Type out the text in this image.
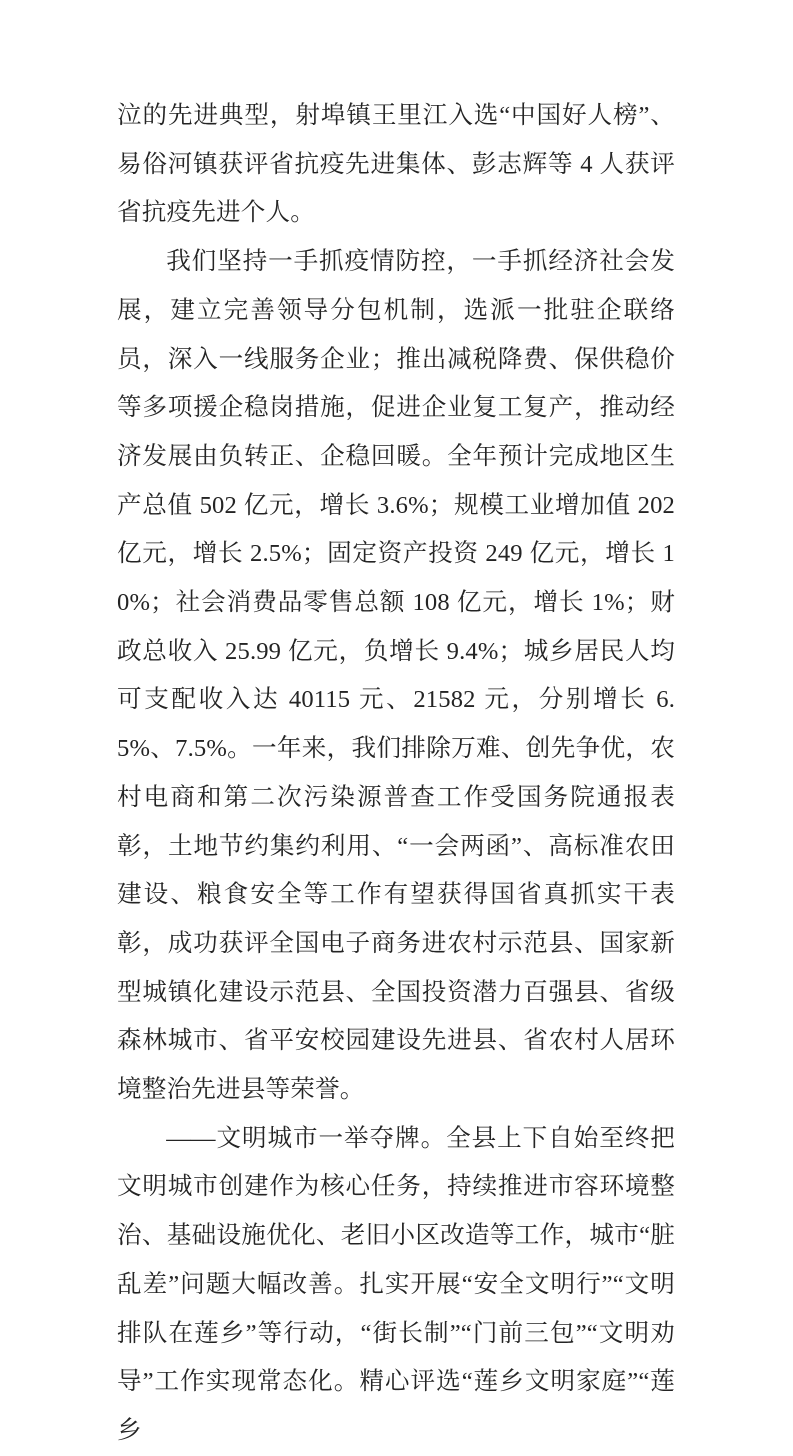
泣的先进典型，射埠镇王里江入选“中国好人榜”、易俗河镇获评省抗疫先进集体、彭志辉等 4 人获评省抗疫先进个人。

我们坚持一手抓疫情防控，一手抓经济社会发展，建立完善领导分包机制，选派一批驻企联络员，深入一线服务企业；推出减税降费、保供稳价等多项援企稳岗措施，促进企业复工复产，推动经济发展由负转正、企稳回暖。全年预计完成地区生产总值 502 亿元，增长 3.6%；规模工业增加值 202 亿元，增长 2.5%；固定资产投资 249 亿元，增长 10%；社会消费品零售总额 108 亿元，增长 1%；财政总收入 25.99 亿元，负增长 9.4%；城乡居民人均可支配收入达 40115 元、21582 元，分别增长 6.5%、7.5%。一年来，我们排除万难、创先争优，农村电商和第二次污染源普查工作受国务院通报表彰，土地节约集约利用、“一会两函”、高标准农田建设、粮食安全等工作有望获得国省真抓实干表彰，成功获评全国电子商务进农村示范县、国家新型城镇化建设示范县、全国投资潜力百强县、省级森林城市、省平安校园建设先进县、省农村人居环境整治先进县等荣誉。

——文明城市一举夺牌。全县上下自始至终把文明城市创建作为核心任务，持续推进市容环境整治、基础设施优化、老旧小区改造等工作，城市“脏乱差”问题大幅改善。扎实开展“安全文明行”“文明排队在莲乡”等行动，“街长制”“门前三包”“文明劝导”工作实现常态化。精心评选“莲乡文明家庭”“莲乡
